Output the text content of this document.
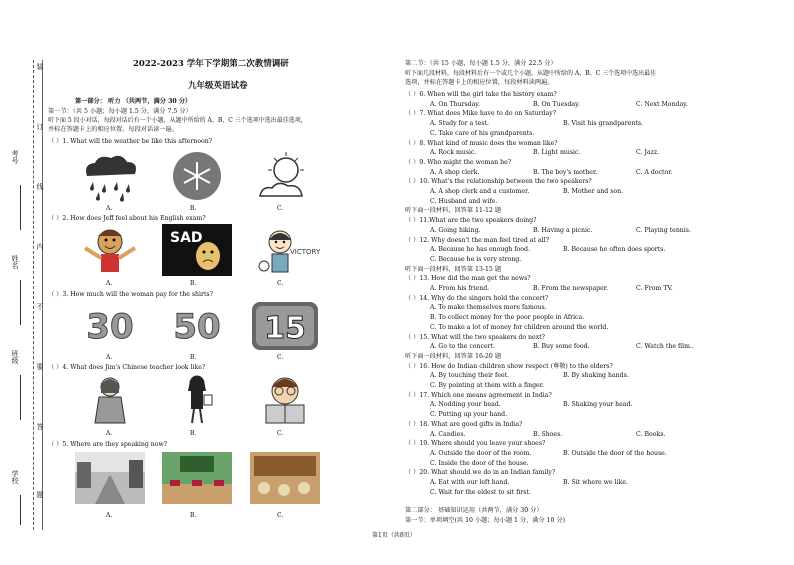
考号
姓名
班级
学校
装
订
线
内
不
要
答
题
2022-2023 学年下学期第二次教情调研
九年级英语试卷
第一部分： 听力 （共两节，满分 30 分）
第一节：（共 5 小题；每小题 1.5 分，满分 7.5 分）
听下面 5 段小对话，每段对话后有一个小题，从题中所给的 A、B、C 三个选项中选出最佳选项，
并标在答题卡上的相应位置。每段对话读一遍。
（ ）1. What will the weather be like this afternoon?
A.	B.	C.
（ ）2. How does Jeff feel about his English exam?
SAD
VICTORY
A.	B.	C.
（ ）3. How much will the woman pay for the shirts?
30 50 15
A.	B.	C.
（ ）4. What does Jim's Chinese teacher look like?
A.	B.	C.
（ ）5. Where are they speaking now?
A.	B.	C.
第二节：（共 15 小题，每小题 1.5 分，满分 22.5 分）
听下面几段材料，每段材料后有一个或几个小题，从题中所给的 A、B、C 三个选项中选出最佳
选项，并标在答题卡上的相应位置，每段材料读两遍。
（ ）6. When will the girl take the history exam?
A. On Thursday.	B. On Tuesday.	C. Next Monday.
（ ）7. What does Mike have to do on Saturday?
A. Study for a test.	B. Visit his grandparents.
C. Take care of his grandparents.
（ ）8. What kind of music does the woman like?
A. Rock music.	B. Light music.	C. Jazz.
（ ）9. Who might the woman be?
A. A shop clerk.	B. The boy's mother.	C. A doctor.
（ ）10. What's the relationship between the two speakers?
A. A shop clerk and a customer.	B. Mother and son.
C. Husband and wife.
听下面一段材料，回答第 11-12 题
（ ）11.What are the two speakers doing?
A. Going hiking.	B. Having a picnic.	C. Playing tennis.
（ ）12. Why doesn't the man feel tired at all?
A. Because he has enough food.	B. Because he often does sports.
C. Because he is very strong.
听下面一段材料，回答第 13-15 题
（ ）13. How did the man get the news?
A. From his friend.	B. From the newspaper.	C. From TV.
（ ）14. Why do the singers hold the concert?
A. To make themselves more famous.
B. To collect money for the poor people in Africa.
C. To make a lot of money for children around the world.
（ ）15. What will the two speakers do next?
A. Go to the concert.	B. Buy some food.	C. Watch the film..
听下面一段材料，回答第 16-20 题
（ ）16. How do Indian children show respect (尊敬) to the elders?
A. By touching their feet.	B. By shaking hands.
C. By pointing at them with a finger.
（ ）17. Which one means agreement in India?
A. Nodding your head.	B. Shaking your head.
C. Putting up your hand.
（ ）18. What are good gifts in India?
A. Candies.	B. Shoes.	C. Books.
（ ）19. Where should you leave your shoes?
A. Outside the door of the room.	B. Outside the door of the house.
C. Inside the door of the house.
（ ）20. What should we do in an Indian family?
A. Eat with our left hand.	B. Sit where we like.
C. Wait for the eldest to sit first.
第二部分： 基础知识运用（共两节，满分 30 分）
第一节：单项填空(共 10 小题；每小题 1 分，满分 10 分)
第1页（共8页）
